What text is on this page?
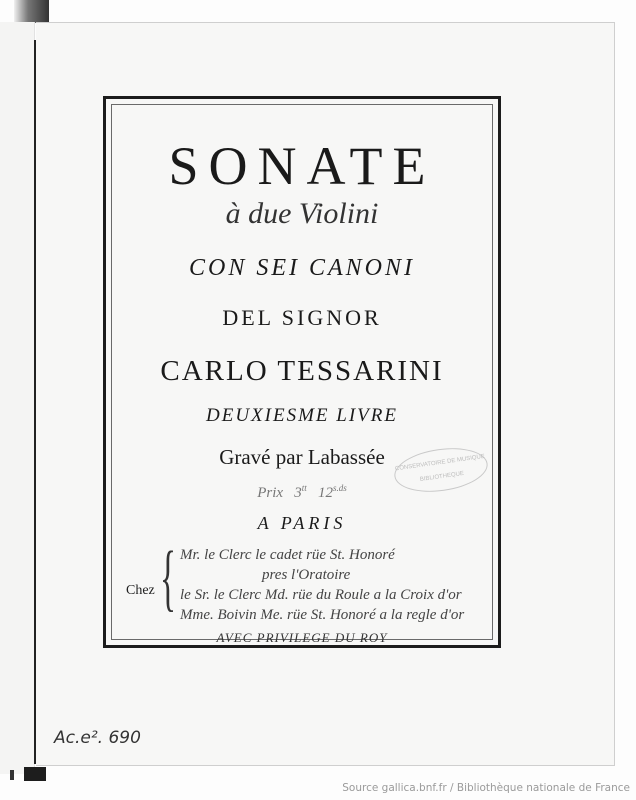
SONATE
à due Violini
CON SEI CANONI
DEL SIGNOR
CARLO TESSARINI
DEUXIESME LIVRE
Gravé par Labassée
Prix $3^{tt}$ $12^{s.ds}$
CONSERVATOIRE DE MUSIQUE
BIBLIOTHEQUE
A PARIS
Chez { Mr. le Clerc le cadet rüe St. Honoré
pres l'Oratoire
le Sr. le Clerc Md. rüe du Roule a la Croix d'or
Mme. Boivin Me. rüe St. Honoré a la regle d'or
AVEC PRIVILEGE DU ROY
Ac.e². 690
Source gallica.bnf.fr / Bibliothèque nationale de France
